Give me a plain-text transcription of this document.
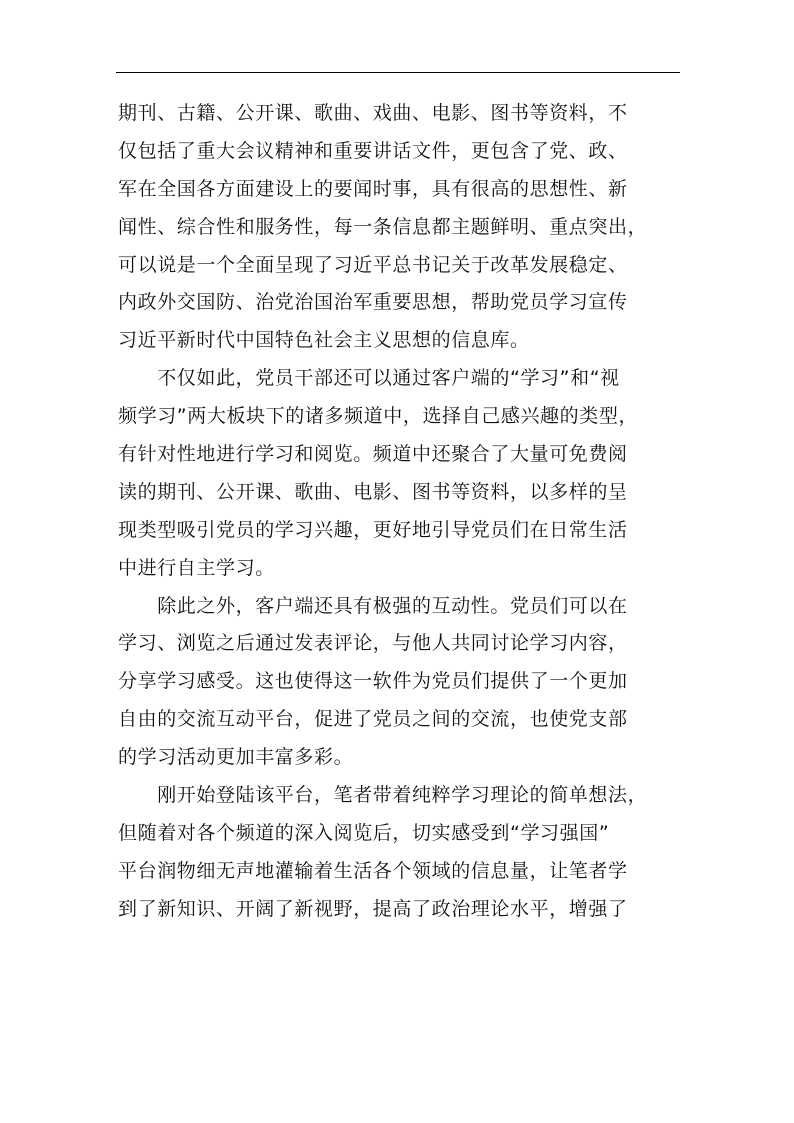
期刊、古籍、公开课、歌曲、戏曲、电影、图书等资料，不
仅包括了重大会议精神和重要讲话文件，更包含了党、政、
军在全国各方面建设上的要闻时事，具有很高的思想性、新
闻性、综合性和服务性，每一条信息都主题鲜明、重点突出，
可以说是一个全面呈现了习近平总书记关于改革发展稳定、
内政外交国防、治党治国治军重要思想，帮助党员学习宣传
习近平新时代中国特色社会主义思想的信息库。
　　不仅如此，党员干部还可以通过客户端的“学习”和“视
频学习”两大板块下的诸多频道中，选择自己感兴趣的类型，
有针对性地进行学习和阅览。频道中还聚合了大量可免费阅
读的期刊、公开课、歌曲、电影、图书等资料，以多样的呈
现类型吸引党员的学习兴趣，更好地引导党员们在日常生活
中进行自主学习。
　　除此之外，客户端还具有极强的互动性。党员们可以在
学习、浏览之后通过发表评论，与他人共同讨论学习内容，
分享学习感受。这也使得这一软件为党员们提供了一个更加
自由的交流互动平台，促进了党员之间的交流，也使党支部
的学习活动更加丰富多彩。
　　刚开始登陆该平台，笔者带着纯粹学习理论的简单想法，
但随着对各个频道的深入阅览后，切实感受到“学习强国”
平台润物细无声地灌输着生活各个领域的信息量，让笔者学
到了新知识、开阔了新视野，提高了政治理论水平，增强了
